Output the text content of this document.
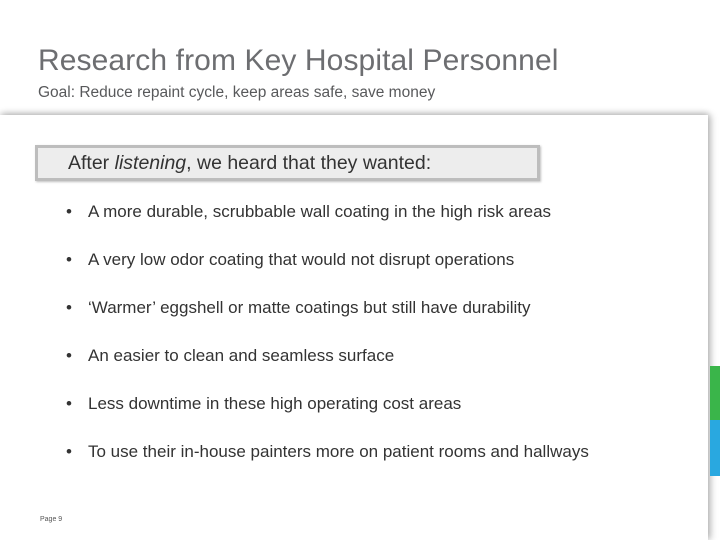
Research from Key Hospital Personnel
Goal: Reduce repaint cycle, keep areas safe, save money
After listening, we heard that they wanted:
• A more durable, scrubbable wall coating in the high risk areas
• A very low odor coating that would not disrupt operations
• ‘Warmer’ eggshell or matte coatings but still have durability
• An easier to clean and seamless surface
• Less downtime in these high operating cost areas
• To use their in-house painters more on patient rooms and hallways
Page 9
